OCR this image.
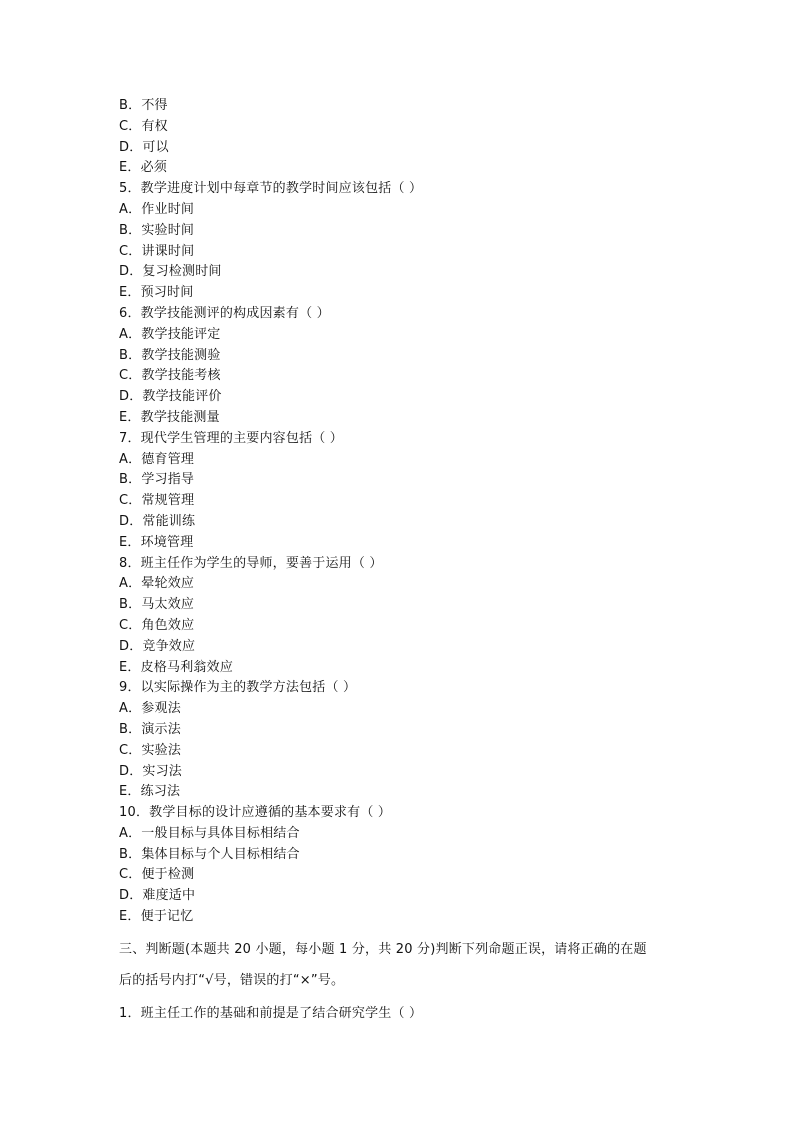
B．不得
C．有权
D．可以
E．必须
5．教学进度计划中每章节的教学时间应该包括（ ）
A．作业时间
B．实验时间
C．讲课时间
D．复习检测时间
E．预习时间
6．教学技能测评的构成因素有（ ）
A．教学技能评定
B．教学技能测验
C．教学技能考核
D．教学技能评价
E．教学技能测量
7．现代学生管理的主要内容包括（ ）
A．德育管理
B．学习指导
C．常规管理
D．常能训练
E．环境管理
8．班主任作为学生的导师，要善于运用（ ）
A．晕轮效应
B．马太效应
C．角色效应
D．竞争效应
E．皮格马利翁效应
9．以实际操作为主的教学方法包括（ ）
A．参观法
B．演示法
C．实验法
D．实习法
E．练习法
10．教学目标的设计应遵循的基本要求有（ ）
A．一般目标与具体目标相结合
B．集体目标与个人目标相结合
C．便于检测
D．难度适中
E．便于记忆
三、判断题(本题共 20 小题，每小题 1 分，共 20 分)判断下列命题正误，请将正确的在题
后的括号内打“√号，错误的打“×”号。
1．班主任工作的基础和前提是了结合研究学生（ ）
